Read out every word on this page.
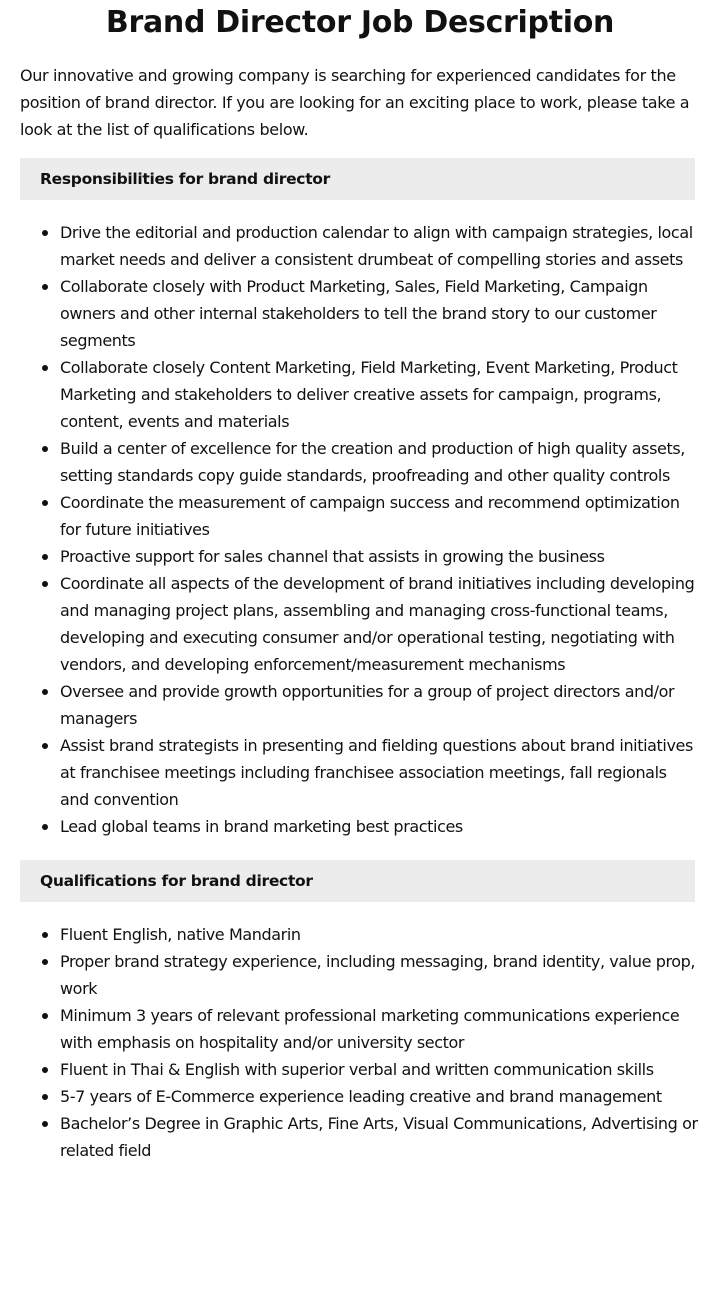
Brand Director Job Description

Our innovative and growing company is searching for experienced candidates for the position of brand director. If you are looking for an exciting place to work, please take a look at the list of qualifications below.

Responsibilities for brand director
Drive the editorial and production calendar to align with campaign strategies, local market needs and deliver a consistent drumbeat of compelling stories and assets
Collaborate closely with Product Marketing, Sales, Field Marketing, Campaign owners and other internal stakeholders to tell the brand story to our customer segments
Collaborate closely Content Marketing, Field Marketing, Event Marketing, Product Marketing and stakeholders to deliver creative assets for campaign, programs, content, events and materials
Build a center of excellence for the creation and production of high quality assets, setting standards copy guide standards, proofreading and other quality controls
Coordinate the measurement of campaign success and recommend optimization for future initiatives
Proactive support for sales channel that assists in growing the business
Coordinate all aspects of the development of brand initiatives including developing and managing project plans, assembling and managing cross-functional teams, developing and executing consumer and/or operational testing, negotiating with vendors, and developing enforcement/measurement mechanisms
Oversee and provide growth opportunities for a group of project directors and/or managers
Assist brand strategists in presenting and fielding questions about brand initiatives at franchisee meetings including franchisee association meetings, fall regionals and convention
Lead global teams in brand marketing best practices
Qualifications for brand director
Fluent English, native Mandarin
Proper brand strategy experience, including messaging, brand identity, value prop, work
Minimum 3 years of relevant professional marketing communications experience with emphasis on hospitality and/or university sector
Fluent in Thai & English with superior verbal and written communication skills
5-7 years of E-Commerce experience leading creative and brand management
Bachelor’s Degree in Graphic Arts, Fine Arts, Visual Communications, Advertising or related field
